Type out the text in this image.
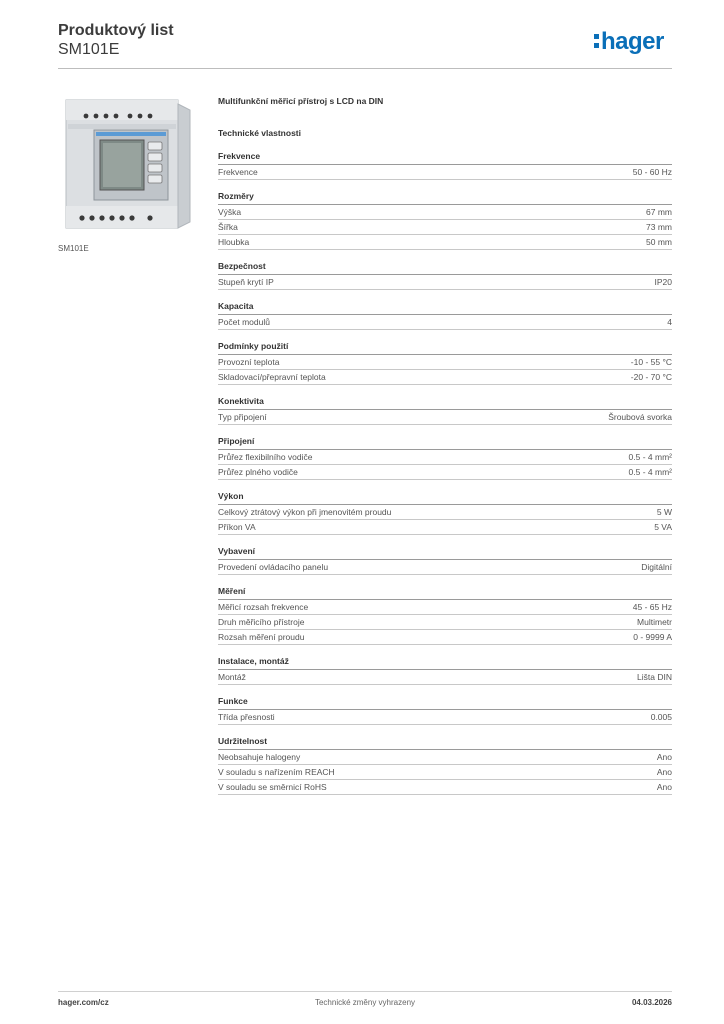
Produktový list
SM101E	hager
SM101E
Multifunkční měřicí přístroj s LCD na DIN
Technické vlastnosti
Frekvence
Frekvence	50 - 60 Hz
Rozměry
Výška	67 mm
Šířka	73 mm
Hloubka	50 mm
Bezpečnost
Stupeň krytí IP	IP20
Kapacita
Počet modulů	4
Podmínky použití
Provozní teplota	-10 - 55 °C
Skladovací/přepravní teplota	-20 - 70 °C
Konektivita
Typ připojení	Šroubová svorka
Připojení
Průřez flexibilního vodiče	0.5 - 4 mm²
Průřez plného vodiče	0.5 - 4 mm²
Výkon
Celkový ztrátový výkon při jmenovitém proudu	5 W
Příkon VA	5 VA
Vybavení
Provedení ovládacího panelu	Digitální
Měření
Měřicí rozsah frekvence	45 - 65 Hz
Druh měřicího přístroje	Multimetr
Rozsah měření proudu	0 - 9999 A
Instalace, montáž
Montáž	Lišta DIN
Funkce
Třída přesnosti	0.005
Udržitelnost
Neobsahuje halogeny	Ano
V souladu s nařízením REACH	Ano
V souladu se směrnicí RoHS	Ano
hager.com/cz	Technické změny vyhrazeny	04.03.2026
